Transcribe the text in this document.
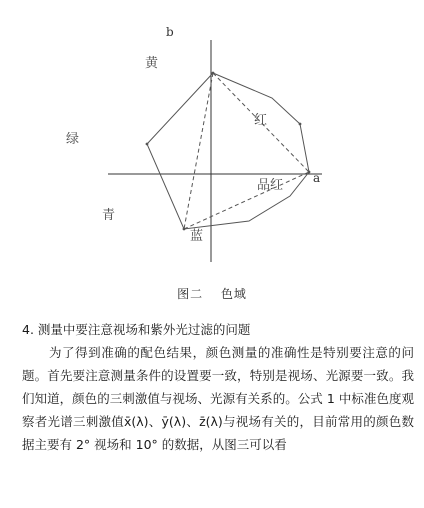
b
a
黄
红
品红
蓝
青
绿
图二　 色域

4. 测量中要注意视场和紫外光过滤的问题

为了得到准确的配色结果，颜色测量的准确性是特别要注意的问题。首先要注意测量条件的设置要一致，特别是视场、光源要一致。我们知道，颜色的三刺激值与视场、光源有关系的。公式 1 中标准色度观察者光谱三刺激值x̄(λ)、ȳ(λ)、z̄(λ)与视场有关的，目前常用的颜色数据主要有 2° 视场和 10° 的数据，从图三可以看
